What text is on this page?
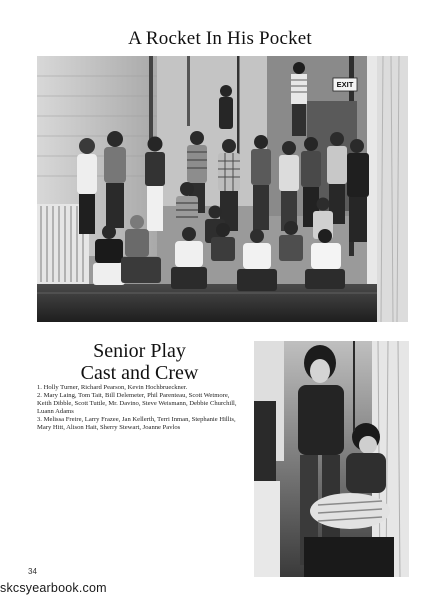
A Rocket In His Pocket
EXIT
Senior Play
Cast and Crew

1. Holly Turner, Richard Pearson, Kevin Hochbrueckner.

2. Mary Laing, Tom Tait, Bill Delemeter, Phil Parenteau, Scott Wetmore, Keith Dibble, Scott Tuttle, Mr. Davino, Steve Weismann, Debbie Churchill, Luann Adams

3. Melissa Freire, Larry Frazee, Jan Kellerth, Terri Inman, Stephanie Hillis, Mary Hitt, Alison Hait, Sherry Stewart, Joanne Pavlos

34
skcsyearbook.com
